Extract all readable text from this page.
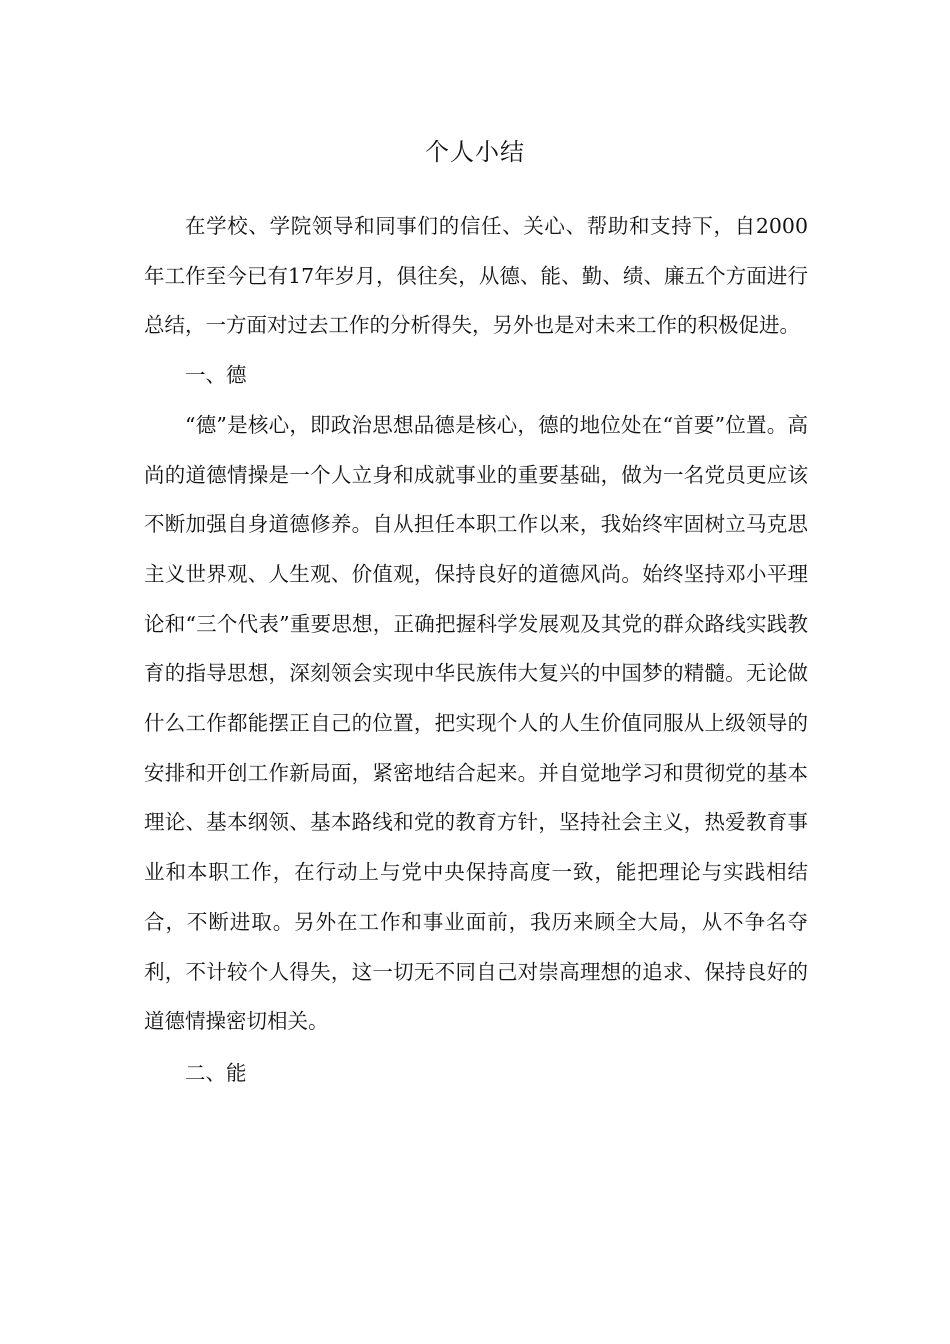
个人小结

在学校、学院领导和同事们的信任、关心、帮助和支持下，自2000年工作至今已有17年岁月，俱往矣，从德、能、勤、绩、廉五个方面进行总结，一方面对过去工作的分析得失，另外也是对未来工作的积极促进。

一、德

“德”是核心，即政治思想品德是核心，德的地位处在“首要”位置。高尚的道德情操是一个人立身和成就事业的重要基础，做为一名党员更应该不断加强自身道德修养。自从担任本职工作以来，我始终牢固树立马克思主义世界观、人生观、价值观，保持良好的道德风尚。始终坚持邓小平理论和“三个代表”重要思想，正确把握科学发展观及其党的群众路线实践教育的指导思想，深刻领会实现中华民族伟大复兴的中国梦的精髓。无论做什么工作都能摆正自己的位置，把实现个人的人生价值同服从上级领导的安排和开创工作新局面，紧密地结合起来。并自觉地学习和贯彻党的基本理论、基本纲领、基本路线和党的教育方针，坚持社会主义，热爱教育事业和本职工作，在行动上与党中央保持高度一致，能把理论与实践相结合，不断进取。另外在工作和事业面前，我历来顾全大局，从不争名夺利，不计较个人得失，这一切无不同自己对崇高理想的追求、保持良好的道德情操密切相关。

二、能
